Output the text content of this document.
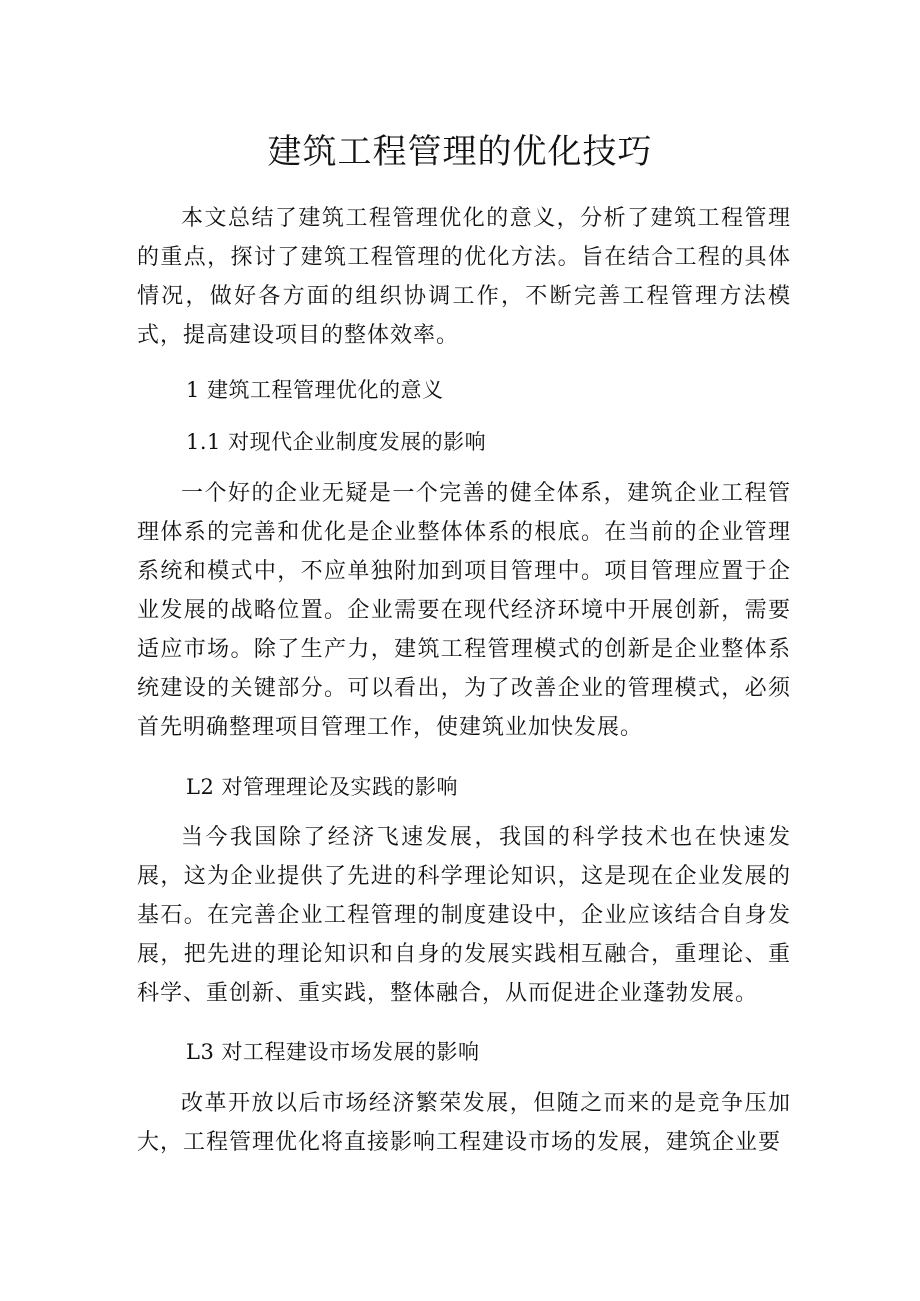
建筑工程管理的优化技巧

本文总结了建筑工程管理优化的意义，分析了建筑工程管理的重点，探讨了建筑工程管理的优化方法。旨在结合工程的具体情况，做好各方面的组织协调工作，不断完善工程管理方法模式，提高建设项目的整体效率。

1 建筑工程管理优化的意义

1.1 对现代企业制度发展的影响

一个好的企业无疑是一个完善的健全体系，建筑企业工程管理体系的完善和优化是企业整体体系的根底。在当前的企业管理系统和模式中，不应单独附加到项目管理中。项目管理应置于企业发展的战略位置。企业需要在现代经济环境中开展创新，需要适应市场。除了生产力，建筑工程管理模式的创新是企业整体系统建设的关键部分。可以看出，为了改善企业的管理模式，必须首先明确整理项目管理工作，使建筑业加快发展。

L2 对管理理论及实践的影响

当今我国除了经济飞速发展，我国的科学技术也在快速发展，这为企业提供了先进的科学理论知识，这是现在企业发展的基石。在完善企业工程管理的制度建设中，企业应该结合自身发展，把先进的理论知识和自身的发展实践相互融合，重理论、重科学、重创新、重实践，整体融合，从而促进企业蓬勃发展。

L3 对工程建设市场发展的影响

改革开放以后市场经济繁荣发展，但随之而来的是竞争压加大，工程管理优化将直接影响工程建设市场的发展，建筑企业要
